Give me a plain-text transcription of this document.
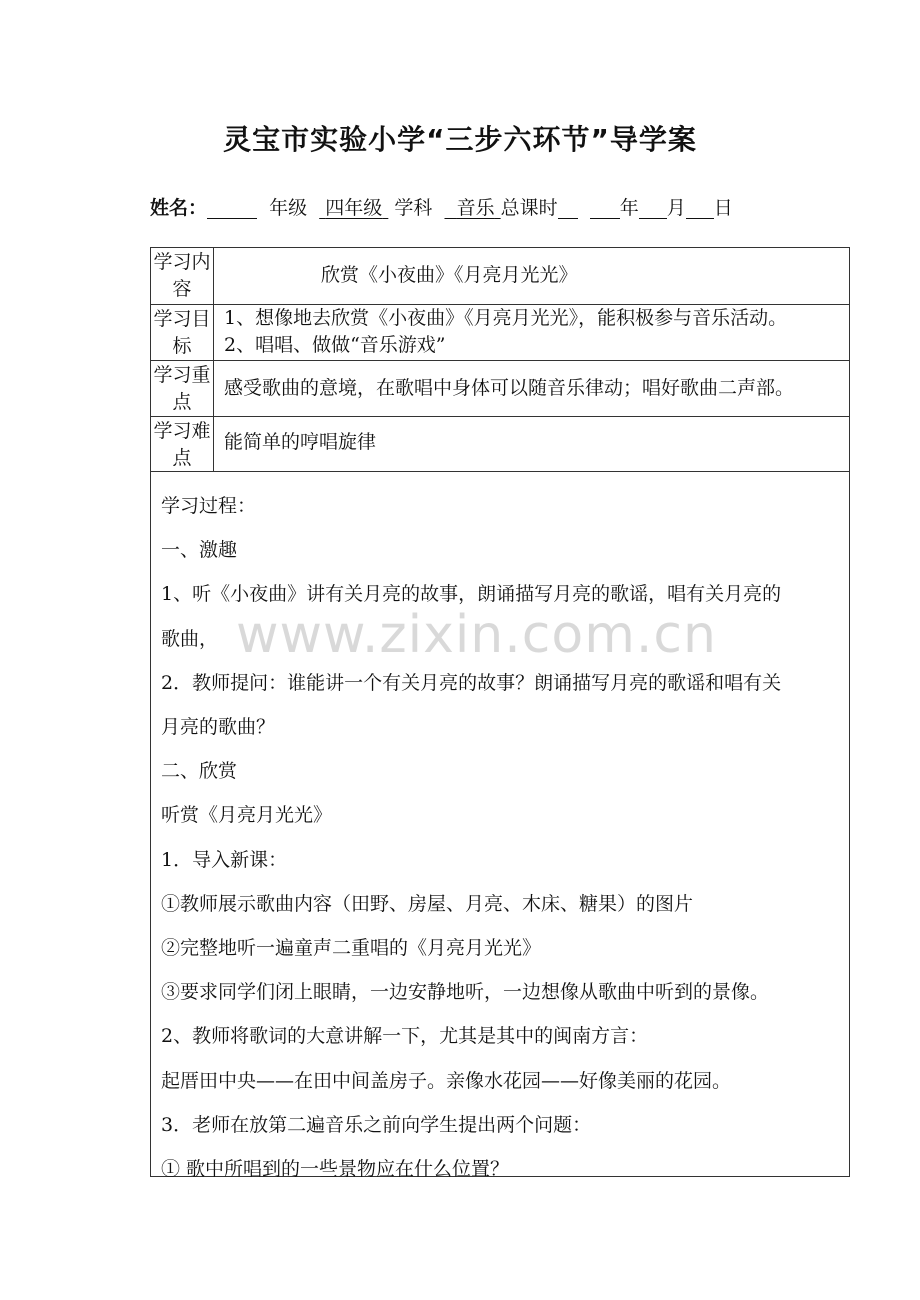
灵宝市实验小学“三步六环节”导学案
姓名：	年级 四年级 学科 音乐 总课时	年 月 日
学习内容
欣赏《小夜曲》《月亮月光光》
学习目标
1、想像地去欣赏《小夜曲》《月亮月光光》，能积极参与音乐活动。
2、唱唱、做做“音乐游戏”
学习重点
感受歌曲的意境，在歌唱中身体可以随音乐律动；唱好歌曲二声部。
学习难点
能简单的哼唱旋律

学习过程：

一、激趣

1、听《小夜曲》讲有关月亮的故事，朗诵描写月亮的歌谣，唱有关月亮的

歌曲，

2．教师提问：谁能讲一个有关月亮的故事？朗诵描写月亮的歌谣和唱有关

月亮的歌曲？

二、欣赏

听赏《月亮月光光》

1．导入新课：

①教师展示歌曲内容（田野、房屋、月亮、木床、糖果）的图片

②完整地听一遍童声二重唱的《月亮月光光》

③要求同学们闭上眼睛，一边安静地听，一边想像从歌曲中听到的景像。

2、教师将歌词的大意讲解一下，尤其是其中的闽南方言：

起厝田中央——在田中间盖房子。亲像水花园——好像美丽的花园。

3．老师在放第二遍音乐之前向学生提出两个问题：

① 歌中所唱到的一些景物应在什么位置？

www.zixin.com.cn
